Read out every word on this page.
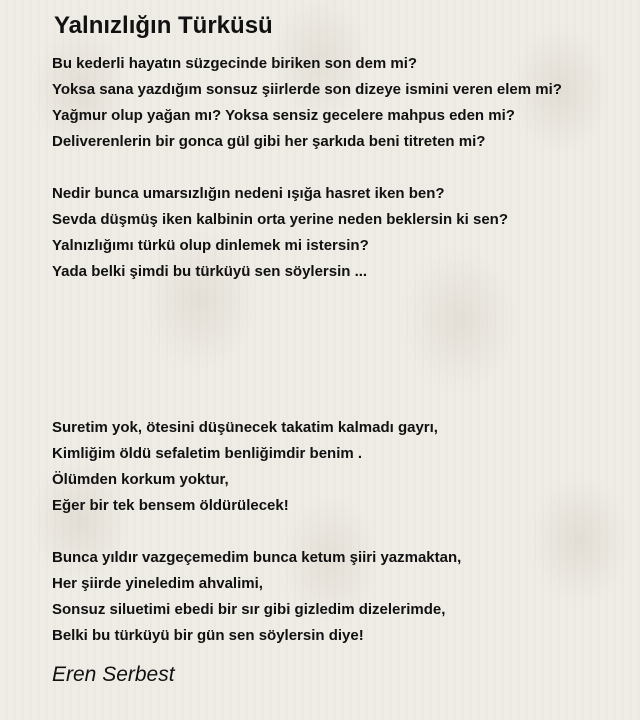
Yalnızlığın Türküsü
Bu kederli hayatın süzgecinde biriken son dem mi?
Yoksa sana yazdığım sonsuz şiirlerde son dizeye ismini veren elem mi?
Yağmur olup yağan mı? Yoksa sensiz gecelere mahpus eden mi?
Deliverenlerin bir gonca gül gibi her şarkıda beni titreten mi?
Nedir bunca umarsızlığın nedeni ışığa hasret iken ben?
Sevda düşmüş iken kalbinin orta yerine neden beklersin ki sen?
Yalnızlığımı türkü olup dinlemek mi istersin?
Yada belki şimdi bu türküyü sen söylersin ...
Suretim yok, ötesini düşünecek takatim kalmadı gayrı,
Kimliğim öldü sefaletim benliğimdir benim .
Ölümden korkum yoktur,
Eğer bir tek bensem öldürülecek!
Bunca yıldır vazgeçemedim bunca ketum şiiri yazmaktan,
Her şiirde yineledim ahvalimi,
Sonsuz siluetimi ebedi bir sır gibi gizledim dizelerimde,
Belki bu türküyü bir gün sen söylersin diye!
Eren Serbest
